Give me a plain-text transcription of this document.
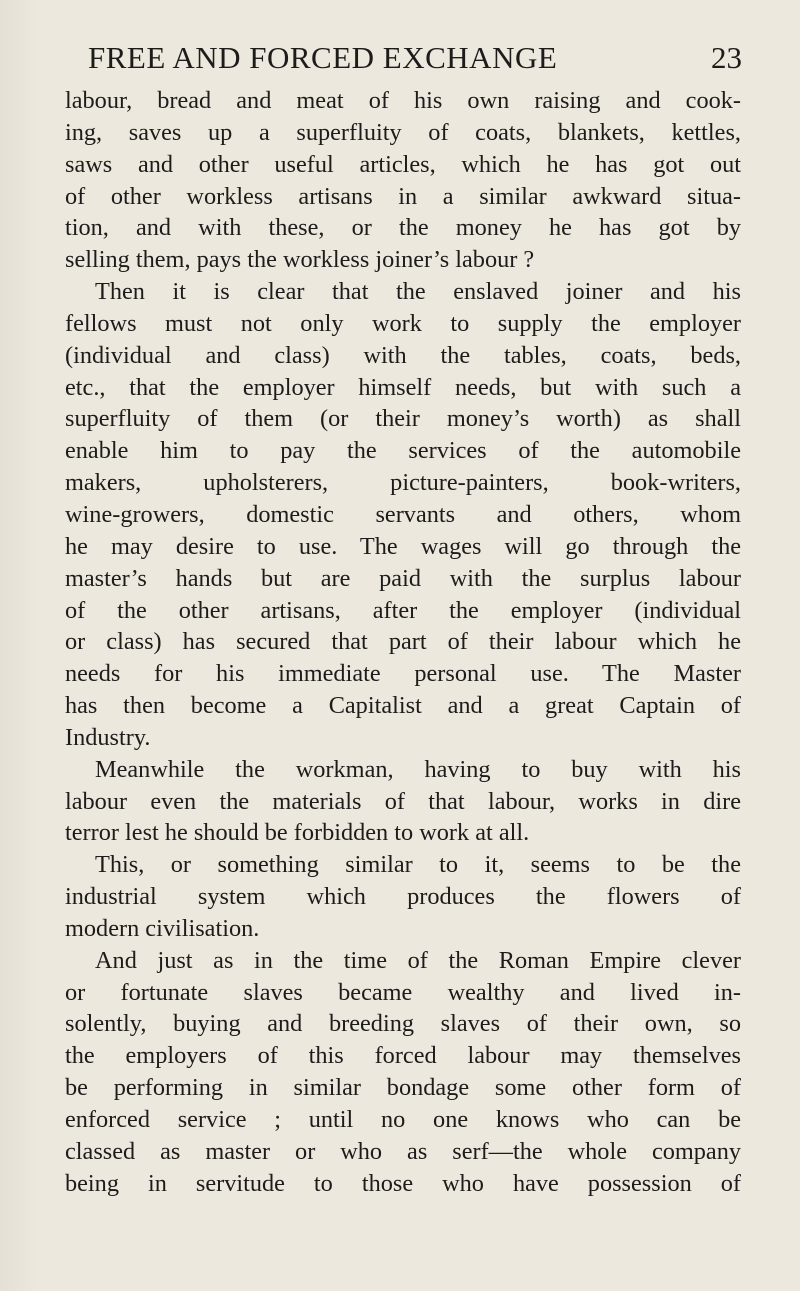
FREE AND FORCED EXCHANGE	23
labour, bread and meat of his own raising and cook-
ing, saves up a superfluity of coats, blankets, kettles,
saws and other useful articles, which he has got out
of other workless artisans in a similar awkward situa-
tion, and with these, or the money he has got by
selling them, pays the workless joiner’s labour ?
Then it is clear that the enslaved joiner and his
fellows must not only work to supply the employer
(individual and class) with the tables, coats, beds,
etc., that the employer himself needs, but with such a
superfluity of them (or their money’s worth) as shall
enable him to pay the services of the automobile
makers, upholsterers, picture-painters, book-writers,
wine-growers, domestic servants and others, whom
he may desire to use. The wages will go through the
master’s hands but are paid with the surplus labour
of the other artisans, after the employer (individual
or class) has secured that part of their labour which he
needs for his immediate personal use. The Master
has then become a Capitalist and a great Captain of
Industry.
Meanwhile the workman, having to buy with his
labour even the materials of that labour, works in dire
terror lest he should be forbidden to work at all.
This, or something similar to it, seems to be the
industrial system which produces the flowers of
modern civilisation.
And just as in the time of the Roman Empire clever
or fortunate slaves became wealthy and lived in-
solently, buying and breeding slaves of their own, so
the employers of this forced labour may themselves
be performing in similar bondage some other form of
enforced service ; until no one knows who can be
classed as master or who as serf—the whole company
being in servitude to those who have possession of
